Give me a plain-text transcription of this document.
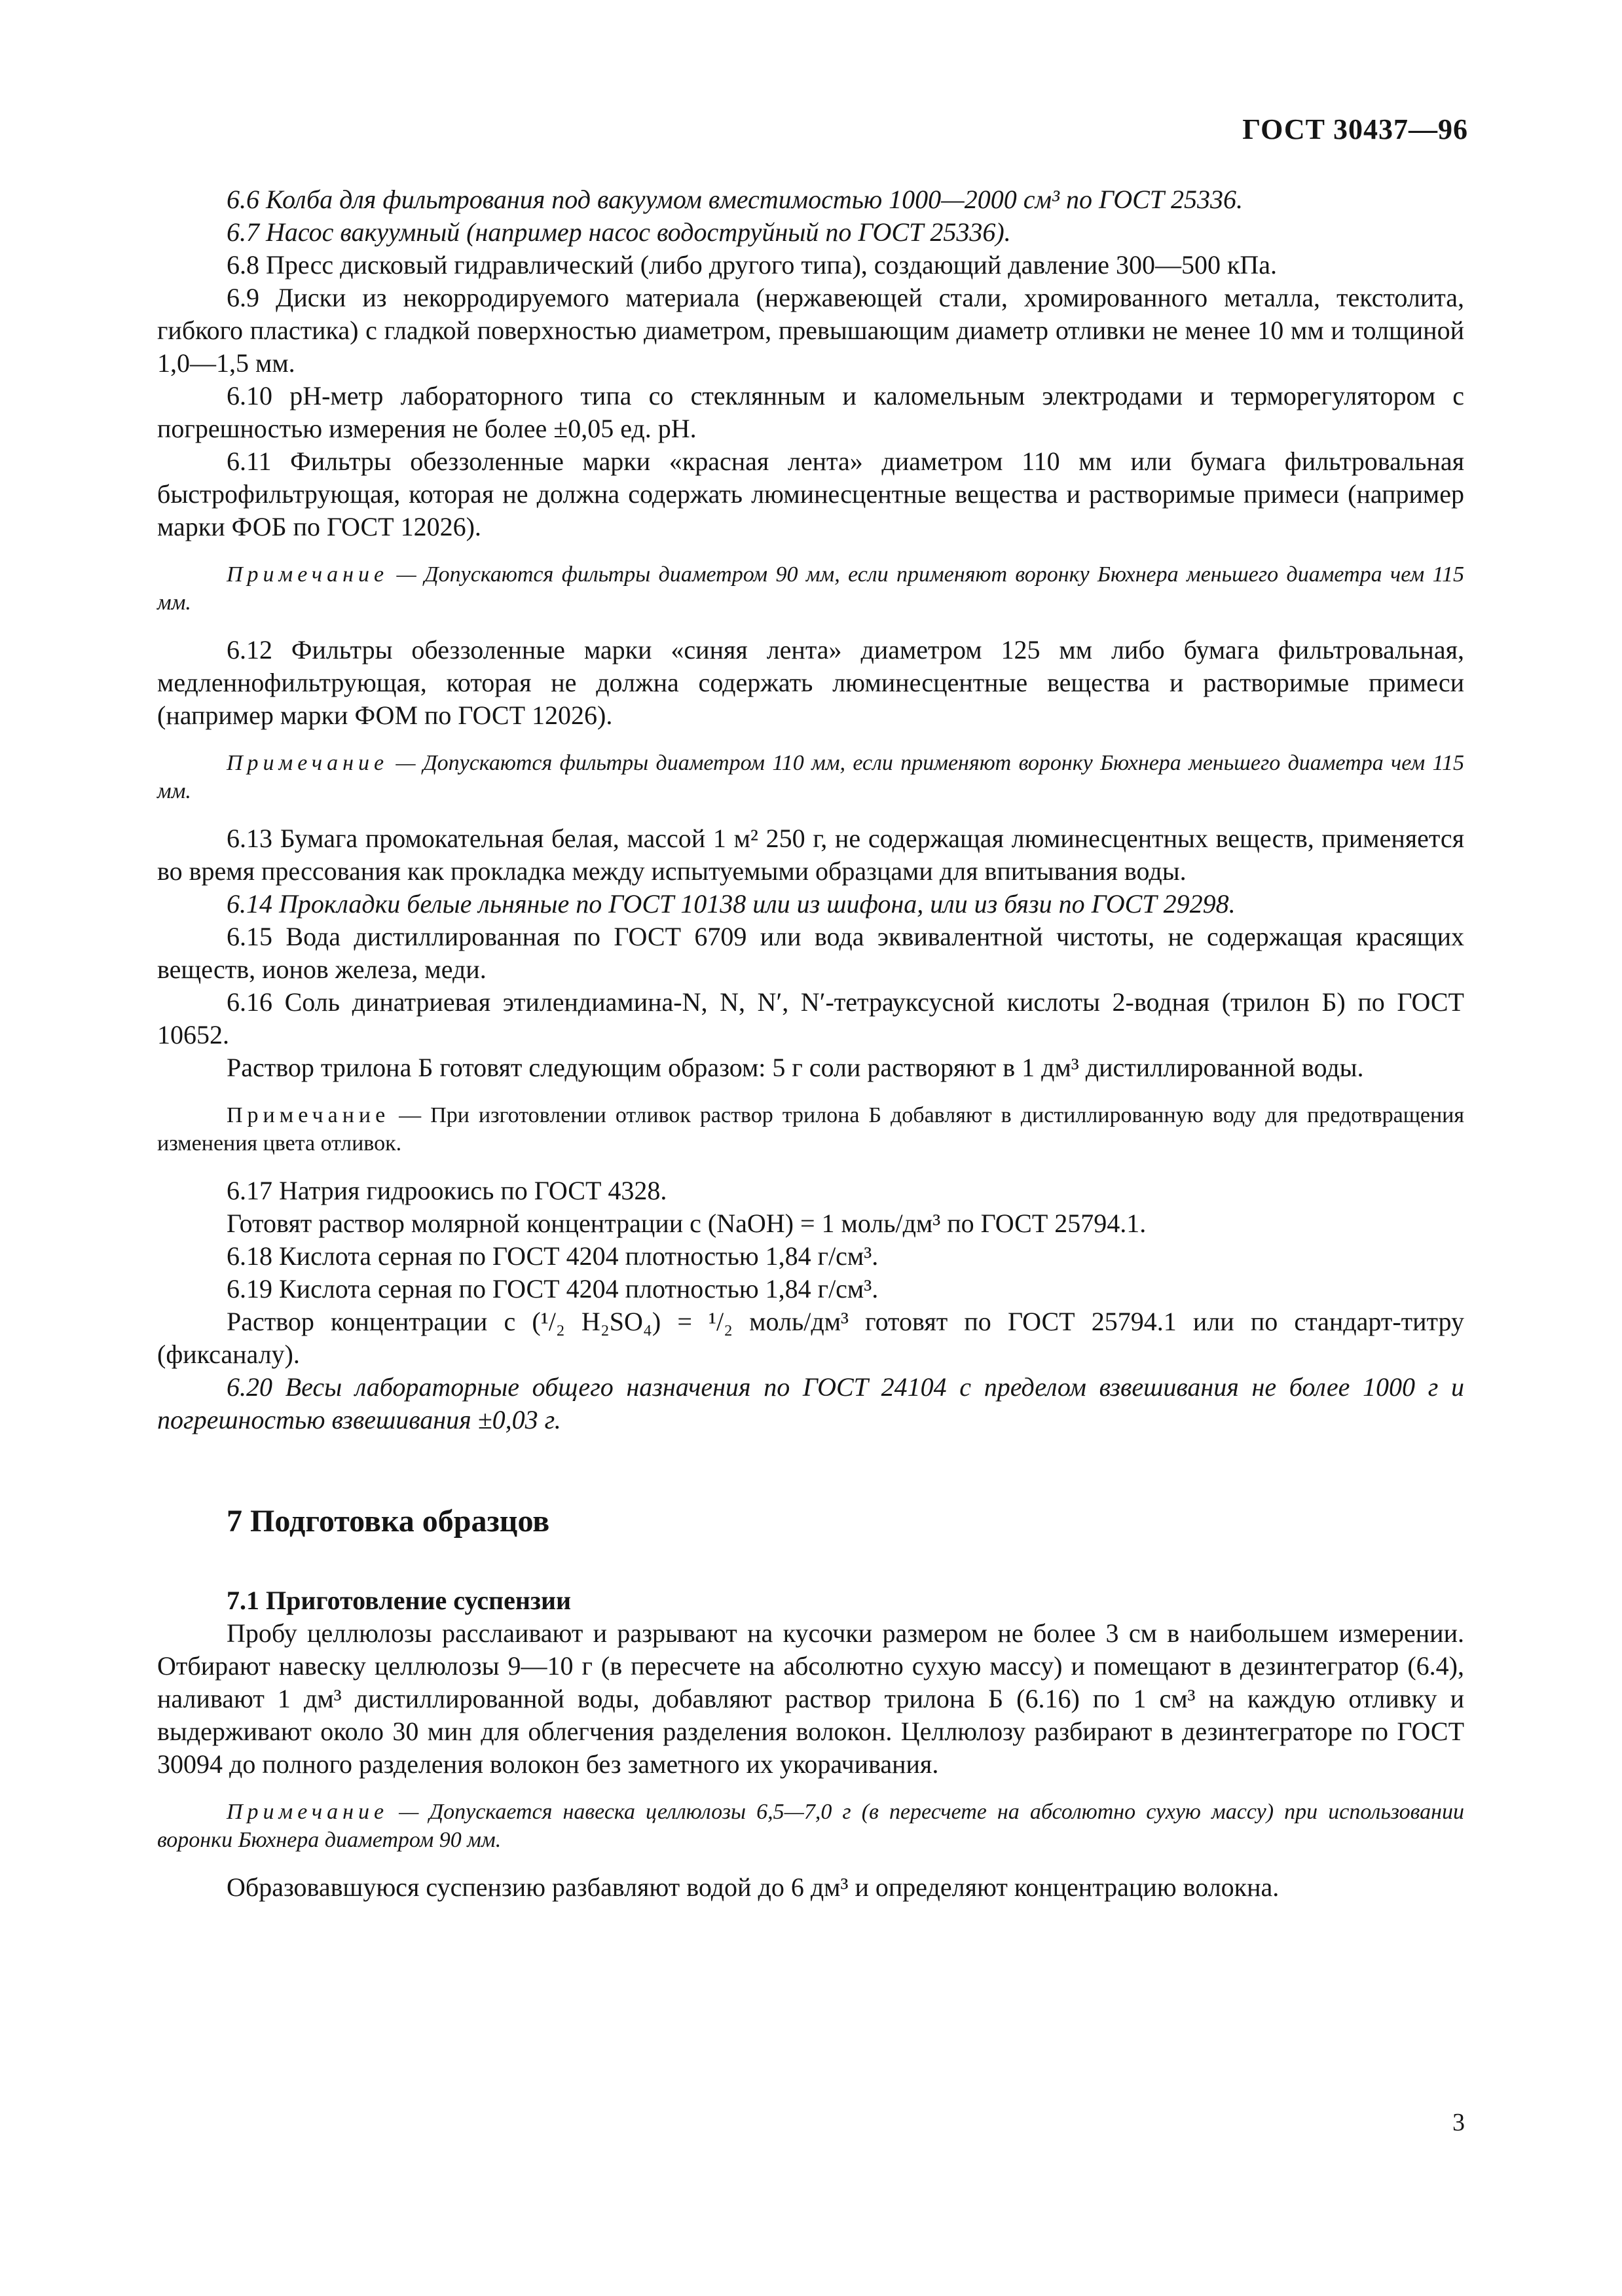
ГОСТ 30437—96

6.6 Колба для фильтрования под вакуумом вместимостью 1000—2000 см³ по ГОСТ 25336.

6.7 Насос вакуумный (например насос водоструйный по ГОСТ 25336).

6.8 Пресс дисковый гидравлический (либо другого типа), создающий давление 300—500 кПа.

6.9 Диски из некорродируемого материала (нержавеющей стали, хромированного металла, текстолита, гибкого пластика) с гладкой поверхностью диаметром, превышающим диаметр отливки не менее 10 мм и толщиной 1,0—1,5 мм.

6.10 pH-метр лабораторного типа со стеклянным и каломельным электродами и терморегулятором с погрешностью измерения не более ±0,05 ед. pH.

6.11 Фильтры обеззоленные марки «красная лента» диаметром 110 мм или бумага фильтровальная быстрофильтрующая, которая не должна содержать люминесцентные вещества и растворимые примеси (например марки ФОБ по ГОСТ 12026).

Примечание — Допускаются фильтры диаметром 90 мм, если применяют воронку Бюхнера меньшего диаметра чем 115 мм.

6.12 Фильтры обеззоленные марки «синяя лента» диаметром 125 мм либо бумага фильтровальная, медленнофильтрующая, которая не должна содержать люминесцентные вещества и растворимые примеси (например марки ФОМ по ГОСТ 12026).

Примечание — Допускаются фильтры диаметром 110 мм, если применяют воронку Бюхнера меньшего диаметра чем 115 мм.

6.13 Бумага промокательная белая, массой 1 м² 250 г, не содержащая люминесцентных веществ, применяется во время прессования как прокладка между испытуемыми образцами для впитывания воды.

6.14 Прокладки белые льняные по ГОСТ 10138 или из шифона, или из бязи по ГОСТ 29298.

6.15 Вода дистиллированная по ГОСТ 6709 или вода эквивалентной чистоты, не содержащая красящих веществ, ионов железа, меди.

6.16 Соль динатриевая этилендиамина-N, N, N′, N′-тетрауксусной кислоты 2-водная (трилон Б) по ГОСТ 10652.

Раствор трилона Б готовят следующим образом: 5 г соли растворяют в 1 дм³ дистиллированной воды.

Примечание — При изготовлении отливок раствор трилона Б добавляют в дистиллированную воду для предотвращения изменения цвета отливок.

6.17 Натрия гидроокись по ГОСТ 4328.

Готовят раствор молярной концентрации c (NaOH) = 1 моль/дм³ по ГОСТ 25794.1.

6.18 Кислота серная по ГОСТ 4204 плотностью 1,84 г/см³.

6.19 Кислота серная по ГОСТ 4204 плотностью 1,84 г/см³.

Раствор концентрации c (¹/₂ H₂SO₄) = ¹/₂ моль/дм³ готовят по ГОСТ 25794.1 или по стандарт-титру (фиксаналу).

6.20 Весы лабораторные общего назначения по ГОСТ 24104 с пределом взвешивания не более 1000 г и погрешностью взвешивания ±0,03 г.

7 Подготовка образцов
7.1 Приготовление суспензии

Пробу целлюлозы расслаивают и разрывают на кусочки размером не более 3 см в наибольшем измерении. Отбирают навеску целлюлозы 9—10 г (в пересчете на абсолютно сухую массу) и помещают в дезинтегратор (6.4), наливают 1 дм³ дистиллированной воды, добавляют раствор трилона Б (6.16) по 1 см³ на каждую отливку и выдерживают около 30 мин для облегчения разделения волокон. Целлюлозу разбирают в дезинтеграторе по ГОСТ 30094 до полного разделения волокон без заметного их укорачивания.

Примечание — Допускается навеска целлюлозы 6,5—7,0 г (в пересчете на абсолютно сухую массу) при использовании воронки Бюхнера диаметром 90 мм.

Образовавшуюся суспензию разбавляют водой до 6 дм³ и определяют концентрацию волокна.

3
